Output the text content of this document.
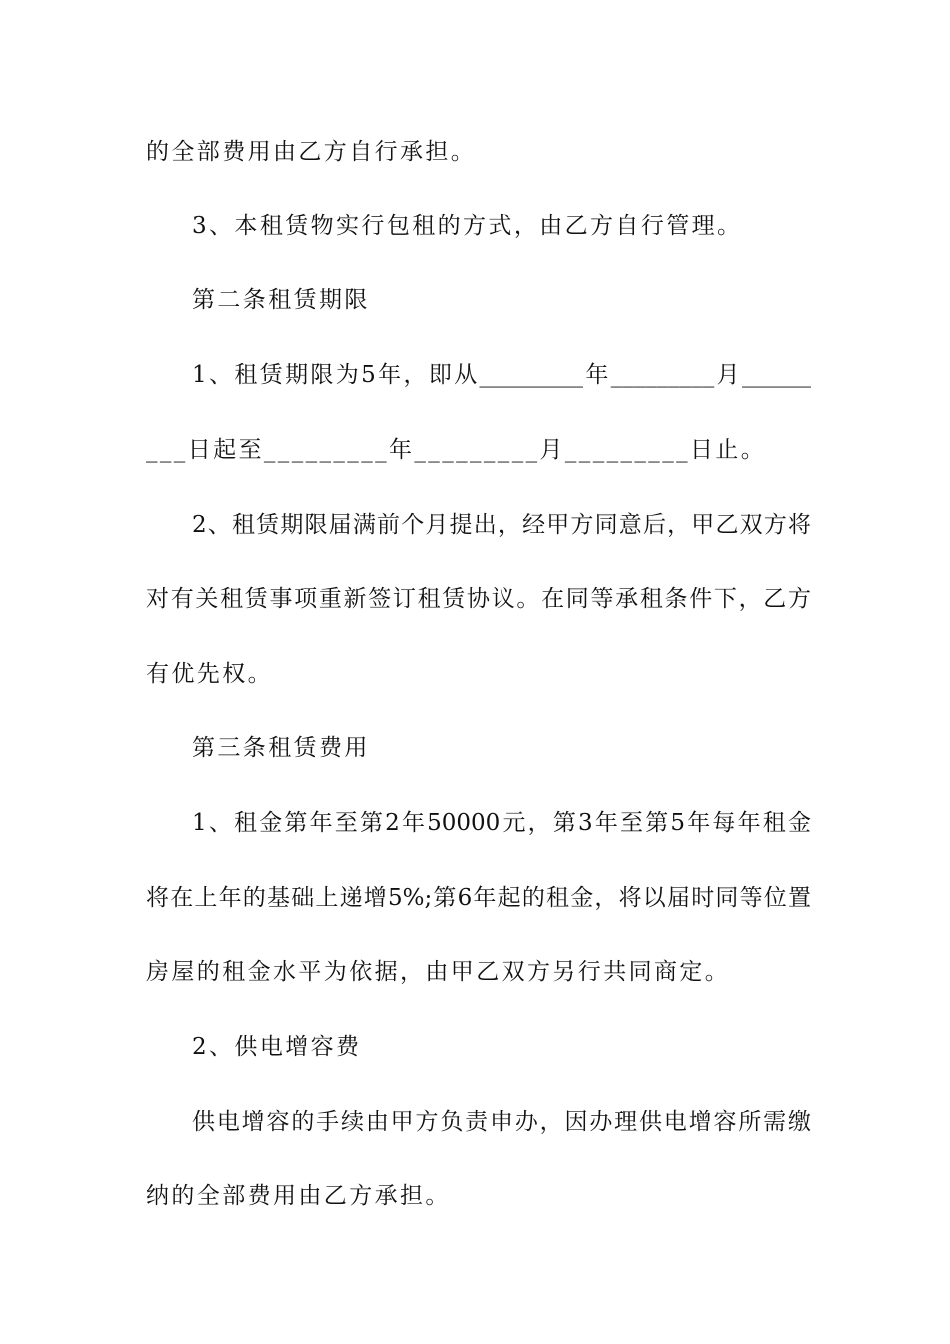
的全部费用由乙方自行承担。
3、本租赁物实行包租的方式，由乙方自行管理。
第二条租赁期限
1、租赁期限为5年，即从_________年_________月______
___日起至_________年_________月_________日止。
2、租赁期限届满前个月提出，经甲方同意后，甲乙双方将
对有关租赁事项重新签订租赁协议。在同等承租条件下，乙方
有优先权。
第三条租赁费用
1、租金第年至第2年50000元，第3年至第5年每年租金
将在上年的基础上递增5%;第6年起的租金，将以届时同等位置
房屋的租金水平为依据，由甲乙双方另行共同商定。
2、供电增容费
供电增容的手续由甲方负责申办，因办理供电增容所需缴
纳的全部费用由乙方承担。
